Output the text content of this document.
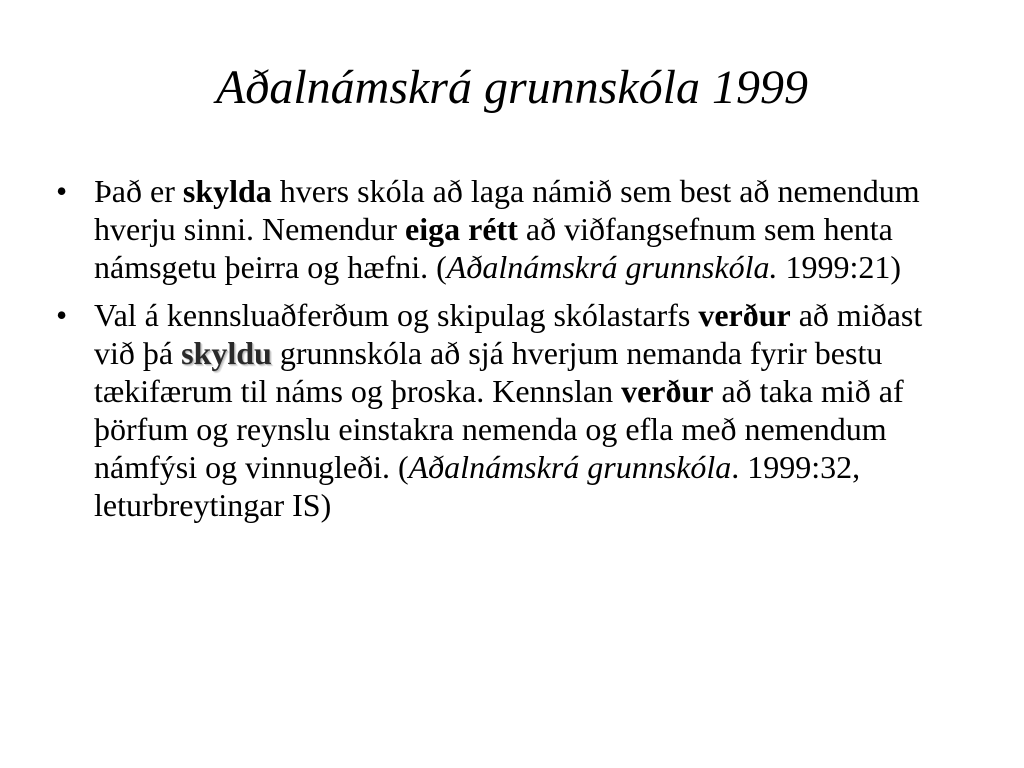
Aðalnámskrá grunnskóla 1999
• Það er skylda hvers skóla að laga námið sem best að nemendum hverju sinni. Nemendur eiga rétt að viðfangsefnum sem henta námsgetu þeirra og hæfni. (Aðalnámskrá grunnskóla. 1999:21)
• Val á kennsluaðferðum og skipulag skólastarfs verður að miðast við þá skyldu grunnskóla að sjá hverjum nemanda fyrir bestu tækifærum til náms og þroska. Kennslan verður að taka mið af þörfum og reynslu einstakra nemenda og efla með nemendum námfýsi og vinnugleði. (Aðalnámskrá grunnskóla. 1999:32, leturbreytingar IS)
